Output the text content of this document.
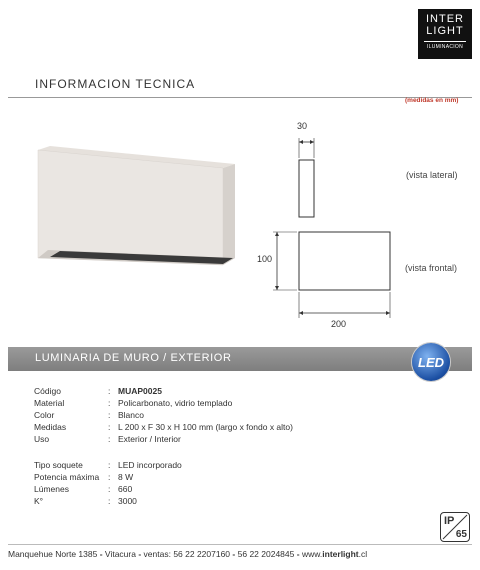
INTER
LIGHT
ILUMINACION
INFORMACION TECNICA
(medidas en mm)
30
100
200
(vista lateral)
(vista frontal)
LUMINARIA DE MURO / EXTERIOR	LED
Código	: MUAP0025
Material	: Policarbonato, vidrio templado
Color	: Blanco
Medidas	: L 200 x F 30 x H 100 mm (largo x fondo x alto)
Uso	: Exterior / Interior
Tipo soquete	: LED incorporado
Potencia máxima : 8 W
Lúmenes	: 660
K°	: 3000
IP
65
Manquehue Norte 1385 - Vitacura - ventas: 56 22 2207160 - 56 22 2024845 - www.interlight.cl
